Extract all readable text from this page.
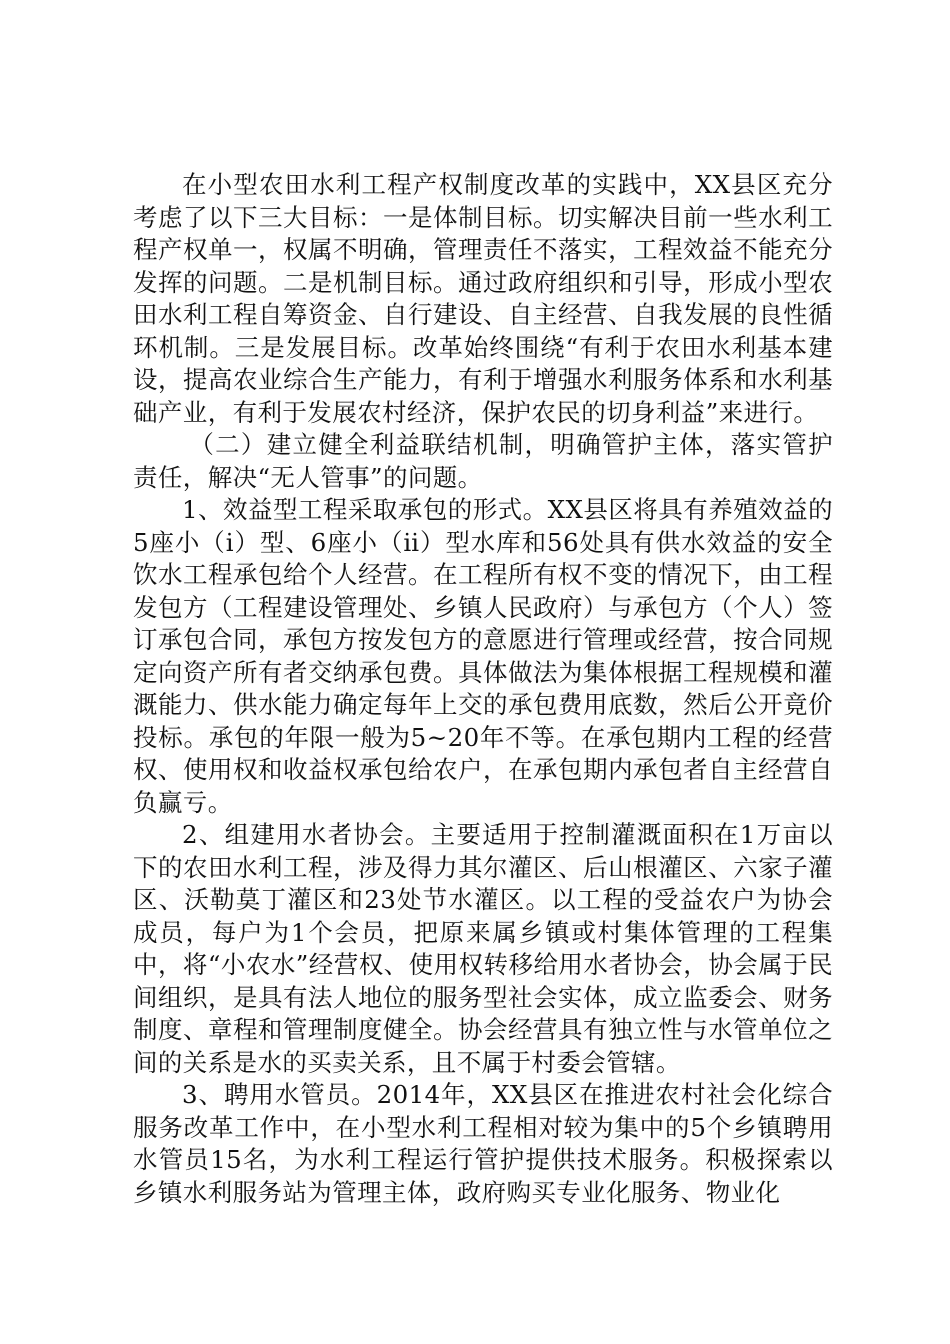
在小型农田水利工程产权制度改革的实践中，XX县区充分考虑了以下三大目标：一是体制目标。切实解决目前一些水利工程产权单一，权属不明确，管理责任不落实，工程效益不能充分发挥的问题。二是机制目标。通过政府组织和引导，形成小型农田水利工程自筹资金、自行建设、自主经营、自我发展的良性循环机制。三是发展目标。改革始终围绕“有利于农田水利基本建设，提高农业综合生产能力，有利于增强水利服务体系和水利基础产业，有利于发展农村经济，保护农民的切身利益”来进行。

（二）建立健全利益联结机制，明确管护主体，落实管护责任，解决“无人管事”的问题。

1、效益型工程采取承包的形式。XX县区将具有养殖效益的5座小（ⅰ）型、6座小（ⅱ）型水库和56处具有供水效益的安全饮水工程承包给个人经营。在工程所有权不变的情况下，由工程发包方（工程建设管理处、乡镇人民政府）与承包方（个人）签订承包合同，承包方按发包方的意愿进行管理或经营，按合同规定向资产所有者交纳承包费。具体做法为集体根据工程规模和灌溉能力、供水能力确定每年上交的承包费用底数，然后公开竟价投标。承包的年限一般为5~20年不等。在承包期内工程的经营权、使用权和收益权承包给农户，在承包期内承包者自主经营自负赢亏。

2、组建用水者协会。主要适用于控制灌溉面积在1万亩以下的农田水利工程，涉及得力其尔灌区、后山根灌区、六家子灌区、沃勒莫丁灌区和23处节水灌区。以工程的受益农户为协会成员，每户为1个会员，把原来属乡镇或村集体管理的工程集中，将“小农水”经营权、使用权转移给用水者协会，协会属于民间组织，是具有法人地位的服务型社会实体，成立监委会、财务制度、章程和管理制度健全。协会经营具有独立性与水管单位之间的关系是水的买卖关系，且不属于村委会管辖。

3、聘用水管员。2014年，XX县区在推进农村社会化综合服务改革工作中，在小型水利工程相对较为集中的5个乡镇聘用水管员15名，为水利工程运行管护提供技术服务。积极探索以乡镇水利服务站为管理主体，政府购买专业化服务、物业化
